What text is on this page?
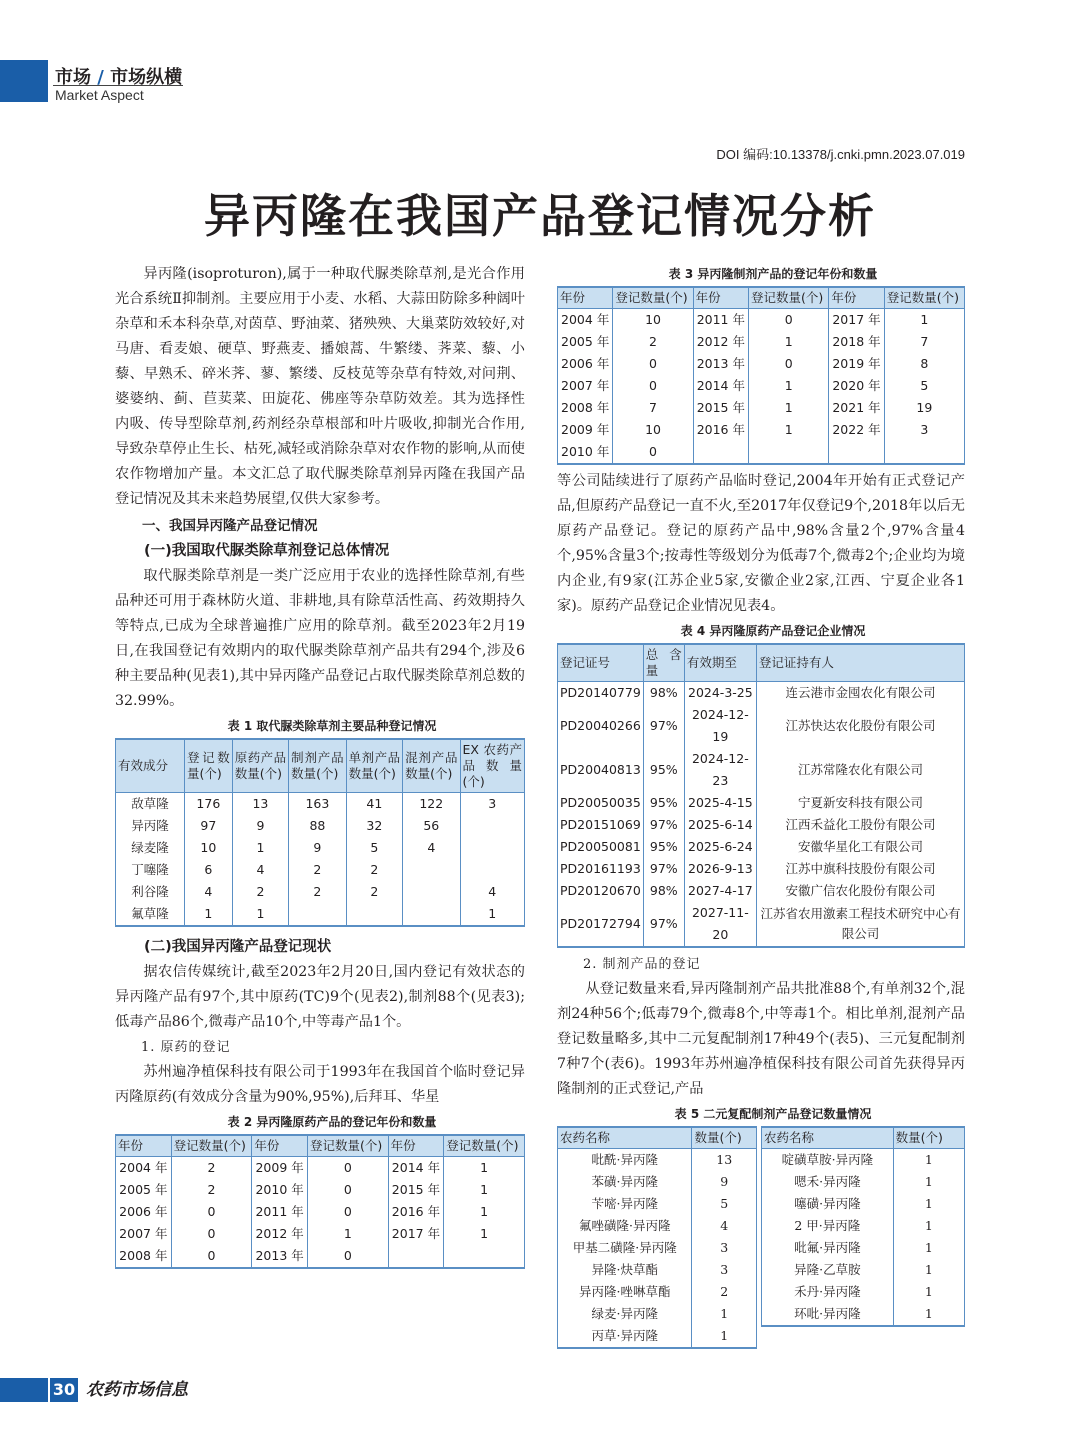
市场 / 市场纵横
Market Aspect
DOI 编码:10.13378/j.cnki.pmn.2023.07.019
异丙隆在我国产品登记情况分析

异丙隆(isoproturon),属于一种取代脲类除草剂,是光合作用光合系统Ⅱ抑制剂。主要应用于小麦、水稻、大蒜田防除多种阔叶杂草和禾本科杂草,对茵草、野油菜、猪殃殃、大巢菜防效较好,对马唐、看麦娘、硬草、野燕麦、播娘蒿、牛繁缕、荠菜、藜、小藜、早熟禾、碎米荠、蓼、繁缕、反枝苋等杂草有特效,对问荆、婆婆纳、蓟、苣荬菜、田旋花、佛座等杂草防效差。其为选择性内吸、传导型除草剂,药剂经杂草根部和叶片吸收,抑制光合作用,导致杂草停止生长、枯死,减轻或消除杂草对农作物的影响,从而使农作物增加产量。本文汇总了取代脲类除草剂异丙隆在我国产品登记情况及其未来趋势展望,仅供大家参考。

一、我国异丙隆产品登记情况

(一)我国取代脲类除草剂登记总体情况

取代脲类除草剂是一类广泛应用于农业的选择性除草剂,有些品种还可用于森林防火道、非耕地,具有除草活性高、药效期持久等特点,已成为全球普遍推广应用的除草剂。截至2023年2月19日,在我国登记有效期内的取代脲类除草剂产品共有294个,涉及6种主要品种(见表1),其中异丙隆产品登记占取代脲类除草剂总数的32.99%。

表 1 取代脲类除草剂主要品种登记情况

有效成分	登记数量(个)	原药产品数量(个)	制剂产品数量(个)	单剂产品数量(个)	混剂产品数量(个)	EX 农药产品数量(个)
敌草隆	176	13	163	41	122	3
异丙隆	97	9	88	32	56	
绿麦隆	10	1	9	5	4	
丁噻隆	6	4	2	2		
利谷隆	4	2	2	2		4
氟草隆	1	1				1

(二)我国异丙隆产品登记现状

据农信传媒统计,截至2023年2月20日,国内登记有效状态的异丙隆产品有97个,其中原药(TC)9个(见表2),制剂88个(见表3);低毒产品86个,微毒产品10个,中等毒产品1个。

1. 原药的登记

苏州遍净植保科技有限公司于1993年在我国首个临时登记异丙隆原药(有效成分含量为90%,95%),后拜耳、华星

表 2 异丙隆原药产品的登记年份和数量

年份	登记数量(个)	年份	登记数量(个)	年份	登记数量(个)
2004 年	2	2009 年	0	2014 年	1
2005 年	2	2010 年	0	2015 年	1
2006 年	0	2011 年	0	2016 年	1
2007 年	0	2012 年	1	2017 年	1
2008 年	0	2013 年	0		

表 3 异丙隆制剂产品的登记年份和数量

年份	登记数量(个)	年份	登记数量(个)	年份	登记数量(个)
2004 年	10	2011 年	0	2017 年	1
2005 年	2	2012 年	1	2018 年	7
2006 年	0	2013 年	0	2019 年	8
2007 年	0	2014 年	1	2020 年	5
2008 年	7	2015 年	1	2021 年	19
2009 年	10	2016 年	1	2022 年	3
2010 年	0				

等公司陆续进行了原药产品临时登记,2004年开始有正式登记产品,但原药产品登记一直不火,至2017年仅登记9个,2018年以后无原药产品登记。登记的原药产品中,98%含量2个,97%含量4个,95%含量3个;按毒性等级划分为低毒7个,微毒2个;企业均为境内企业,有9家(江苏企业5家,安徽企业2家,江西、宁夏企业各1家)。原药产品登记企业情况见表4。

表 4 异丙隆原药产品登记企业情况

登记证号	总含量	有效期至	登记证持有人
PD20140779	98%	2024-3-25	连云港市金囤农化有限公司
PD20040266	97%	2024-12-19	江苏快达农化股份有限公司
PD20040813	95%	2024-12-23	江苏常隆农化有限公司
PD20050035	95%	2025-4-15	宁夏新安科技有限公司
PD20151069	97%	2025-6-14	江西禾益化工股份有限公司
PD20050081	95%	2025-6-24	安徽华星化工有限公司
PD20161193	97%	2026-9-13	江苏中旗科技股份有限公司
PD20120670	98%	2027-4-17	安徽广信农化股份有限公司
PD20172794	97%	2027-11-20	江苏省农用激素工程技术研究中心有限公司

2. 制剂产品的登记

从登记数量来看,异丙隆制剂产品共批准88个,有单剂32个,混剂24种56个;低毒79个,微毒8个,中等毒1个。相比单剂,混剂产品登记数量略多,其中二元复配制剂17种49个(表5)、三元复配制剂7种7个(表6)。1993年苏州遍净植保科技有限公司首先获得异丙隆制剂的正式登记,产品

表 5 二元复配制剂产品登记数量情况

农药名称	数量(个)
吡酰·异丙隆	13
苯磺·异丙隆	9
苄嘧·异丙隆	5
氟唑磺隆·异丙隆	4
甲基二磺隆·异丙隆	3
异隆·炔草酯	3
异丙隆·唑啉草酯	2
绿麦·异丙隆	1
丙草·异丙隆	1
农药名称	数量(个)
啶磺草胺·异丙隆	1
嗯禾·异丙隆	1
噻磺·异丙隆	1
2 甲·异丙隆	1
吡氟·异丙隆	1
异隆·乙草胺	1
禾丹·异丙隆	1
环吡·异丙隆	1
30 农药市场信息
